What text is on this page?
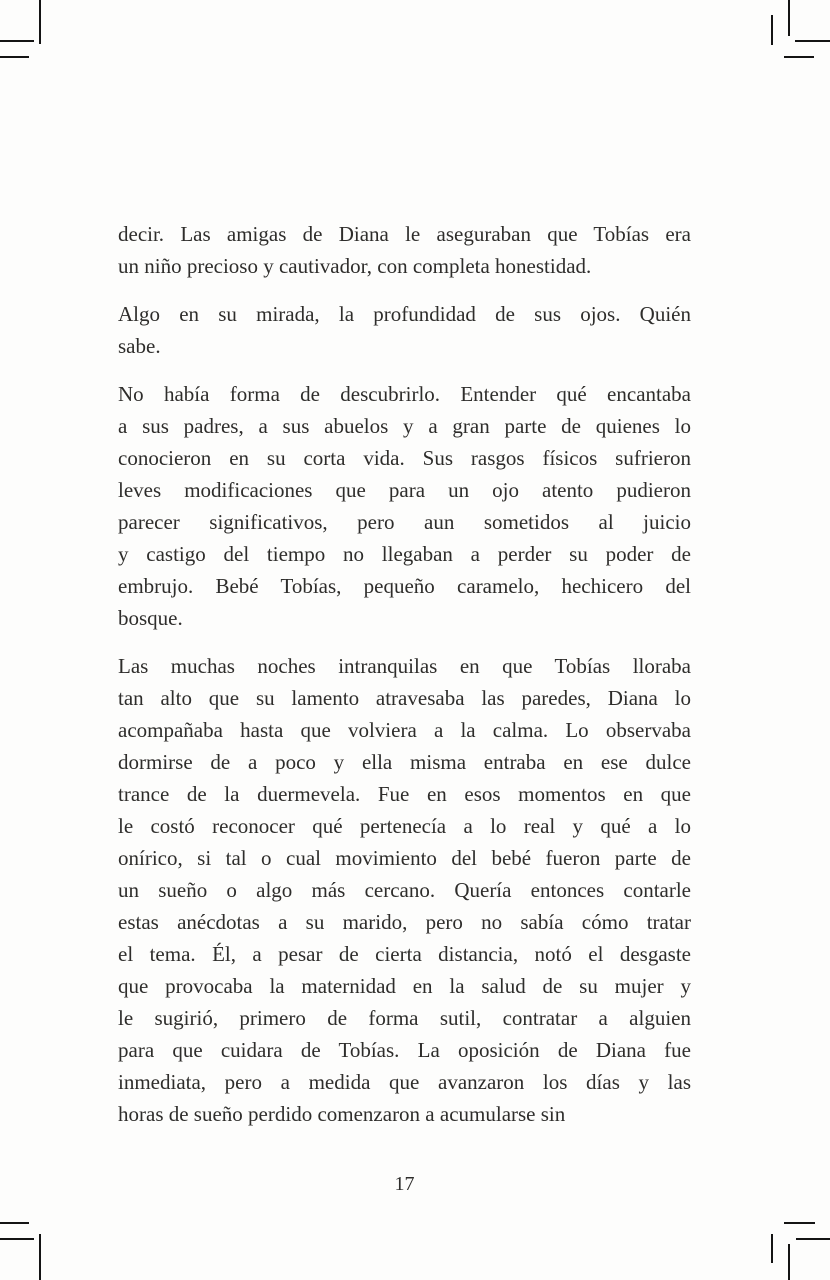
decir. Las amigas de Diana le aseguraban que Tobías era
un niño precioso y cautivador, con completa honestidad.
Algo en su mirada, la profundidad de sus ojos. Quién
sabe.
No había forma de descubrirlo. Entender qué encantaba
a sus padres, a sus abuelos y a gran parte de quienes lo
conocieron en su corta vida. Sus rasgos físicos sufrieron
leves modificaciones que para un ojo atento pudieron
parecer significativos, pero aun sometidos al juicio
y castigo del tiempo no llegaban a perder su poder de
embrujo. Bebé Tobías, pequeño caramelo, hechicero del
bosque.
Las muchas noches intranquilas en que Tobías lloraba
tan alto que su lamento atravesaba las paredes, Diana lo
acompañaba hasta que volviera a la calma. Lo observaba
dormirse de a poco y ella misma entraba en ese dulce
trance de la duermevela. Fue en esos momentos en que
le costó reconocer qué pertenecía a lo real y qué a lo
onírico, si tal o cual movimiento del bebé fueron parte de
un sueño o algo más cercano. Quería entonces contarle
estas anécdotas a su marido, pero no sabía cómo tratar
el tema. Él, a pesar de cierta distancia, notó el desgaste
que provocaba la maternidad en la salud de su mujer y
le sugirió, primero de forma sutil, contratar a alguien
para que cuidara de Tobías. La oposición de Diana fue
inmediata, pero a medida que avanzaron los días y las
horas de sueño perdido comenzaron a acumularse sin
17
